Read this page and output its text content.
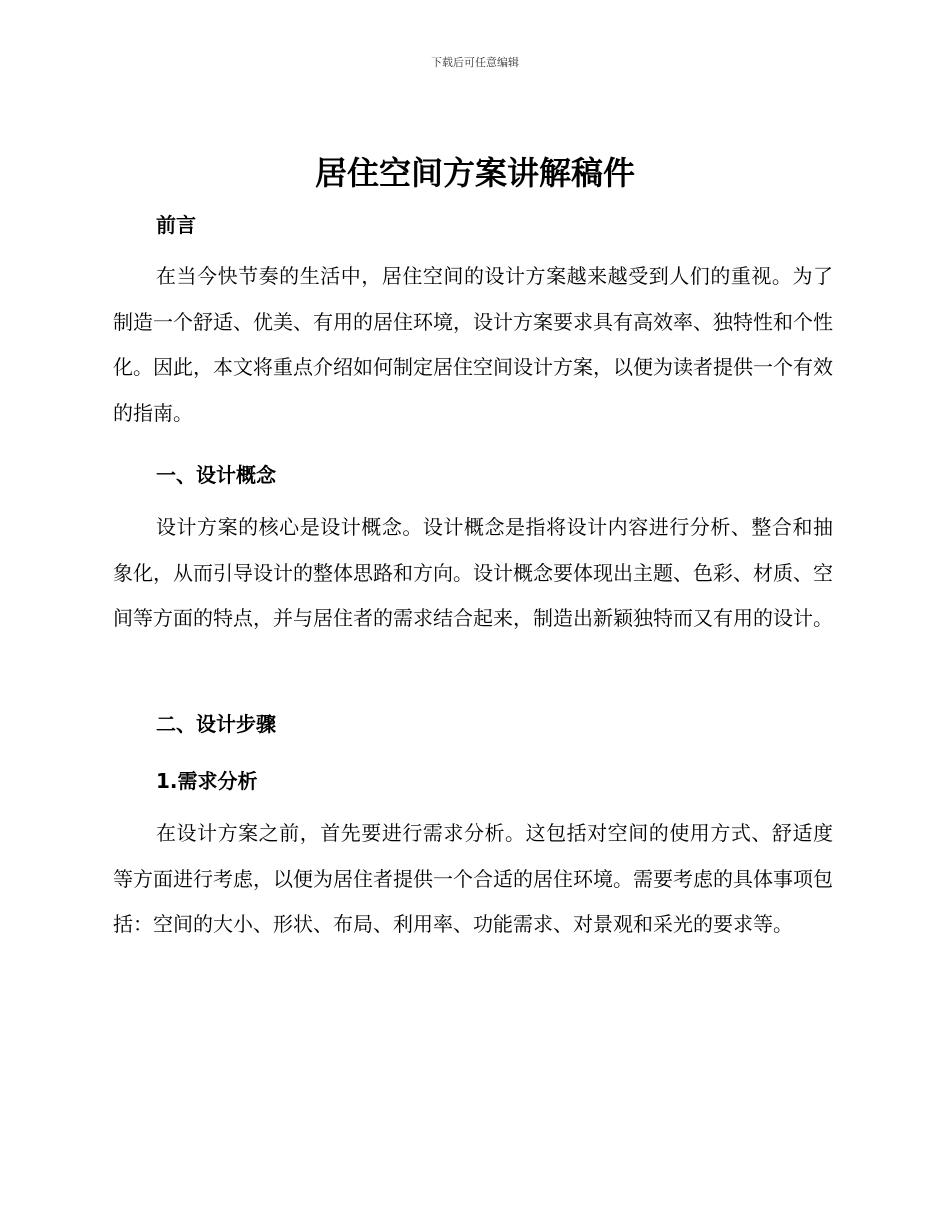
下载后可任意编辑
居住空间方案讲解稿件
前言

在当今快节奏的生活中，居住空间的设计方案越来越受到人们的重视。为了制造一个舒适、优美、有用的居住环境，设计方案要求具有高效率、独特性和个性化。因此，本文将重点介绍如何制定居住空间设计方案，以便为读者提供一个有效的指南。

一、设计概念

设计方案的核心是设计概念。设计概念是指将设计内容进行分析、整合和抽象化，从而引导设计的整体思路和方向。设计概念要体现出主题、色彩、材质、空间等方面的特点，并与居住者的需求结合起来，制造出新颖独特而又有用的设计。

二、设计步骤
1.需求分析

在设计方案之前，首先要进行需求分析。这包括对空间的使用方式、舒适度等方面进行考虑，以便为居住者提供一个合适的居住环境。需要考虑的具体事项包括：空间的大小、形状、布局、利用率、功能需求、对景观和采光的要求等。
